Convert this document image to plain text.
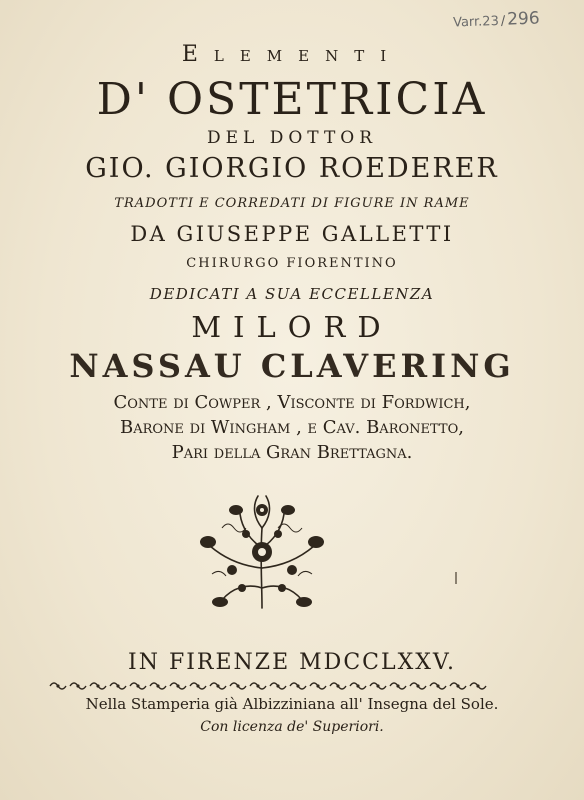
Varr.23/296
Elementi
D' OSTETRICIA
DEL DOTTOR
GIO. GIORGIO ROEDERER
TRADOTTI E CORREDATI DI FIGURE IN RAME
DA GIUSEPPE GALLETTI
CHIRURGO FIORENTINO
DEDICATI A SUA ECCELLENZA
MILORD
NASSAU CLAVERING
Conte di Cowper , Visconte di Fordwich,
Barone di Wingham , e Cav. Baronetto,
Pari della Gran Brettagna.
IN FIRENZE MDCCLXXV.
Nella Stamperia già Albizziniana all' Insegna del Sole.
Con licenza de' Superiori.
